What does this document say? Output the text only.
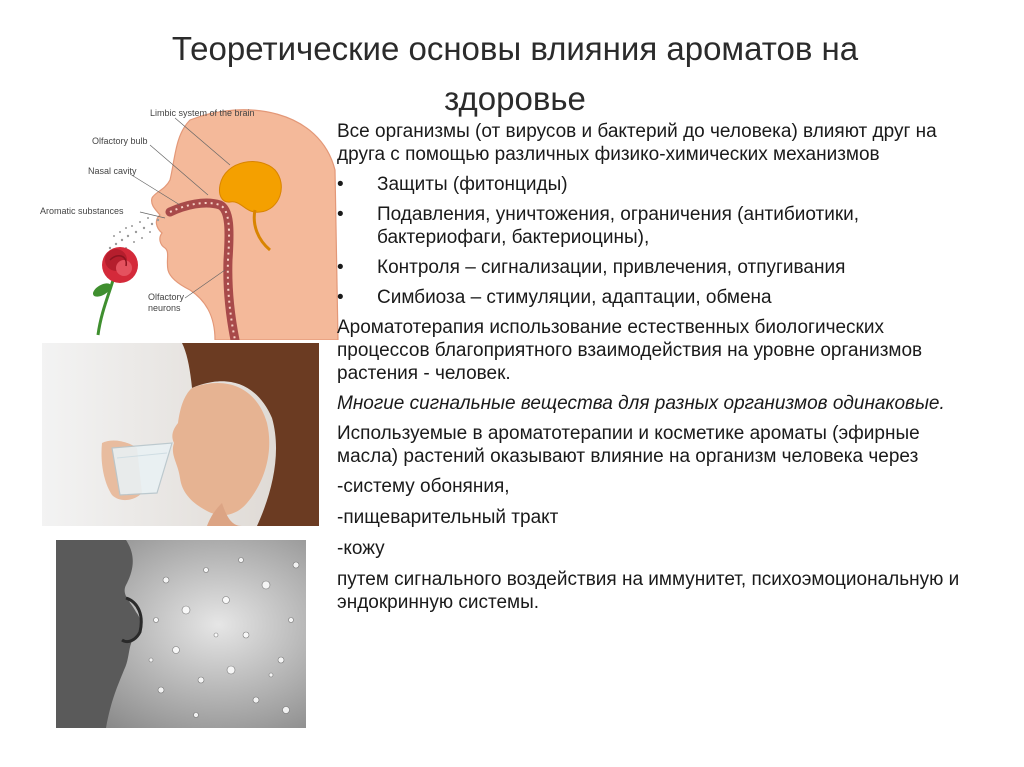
Теоретические основы влияния ароматов на
здоровье
Limbic system of the brain
Olfactory bulb
Nasal cavity
Aromatic substances
Olfactory
neurons

Все организмы (от вирусов и бактерий до человека) влияют друг на друга с помощью различных физико-химических механизмов

• Защиты (фитонциды)
• Подавления, уничтожения, ограничения (антибиотики, бактериофаги, бактериоцины),
• Контроля – сигнализации, привлечения, отпугивания
• Симбиоза – стимуляции, адаптации, обмена

Ароматотерапия использование естественных биологических процессов благоприятного взаимодействия на уровне организмов растения - человек.

Многие сигнальные вещества для разных организмов одинаковые.

Используемые в ароматотерапии и косметике ароматы (эфирные масла) растений оказывают влияние на организм человека через

-систему обоняния,

-пищеварительный тракт

-кожу

путем сигнального воздействия на иммунитет, психоэмоциональную и эндокринную системы.
